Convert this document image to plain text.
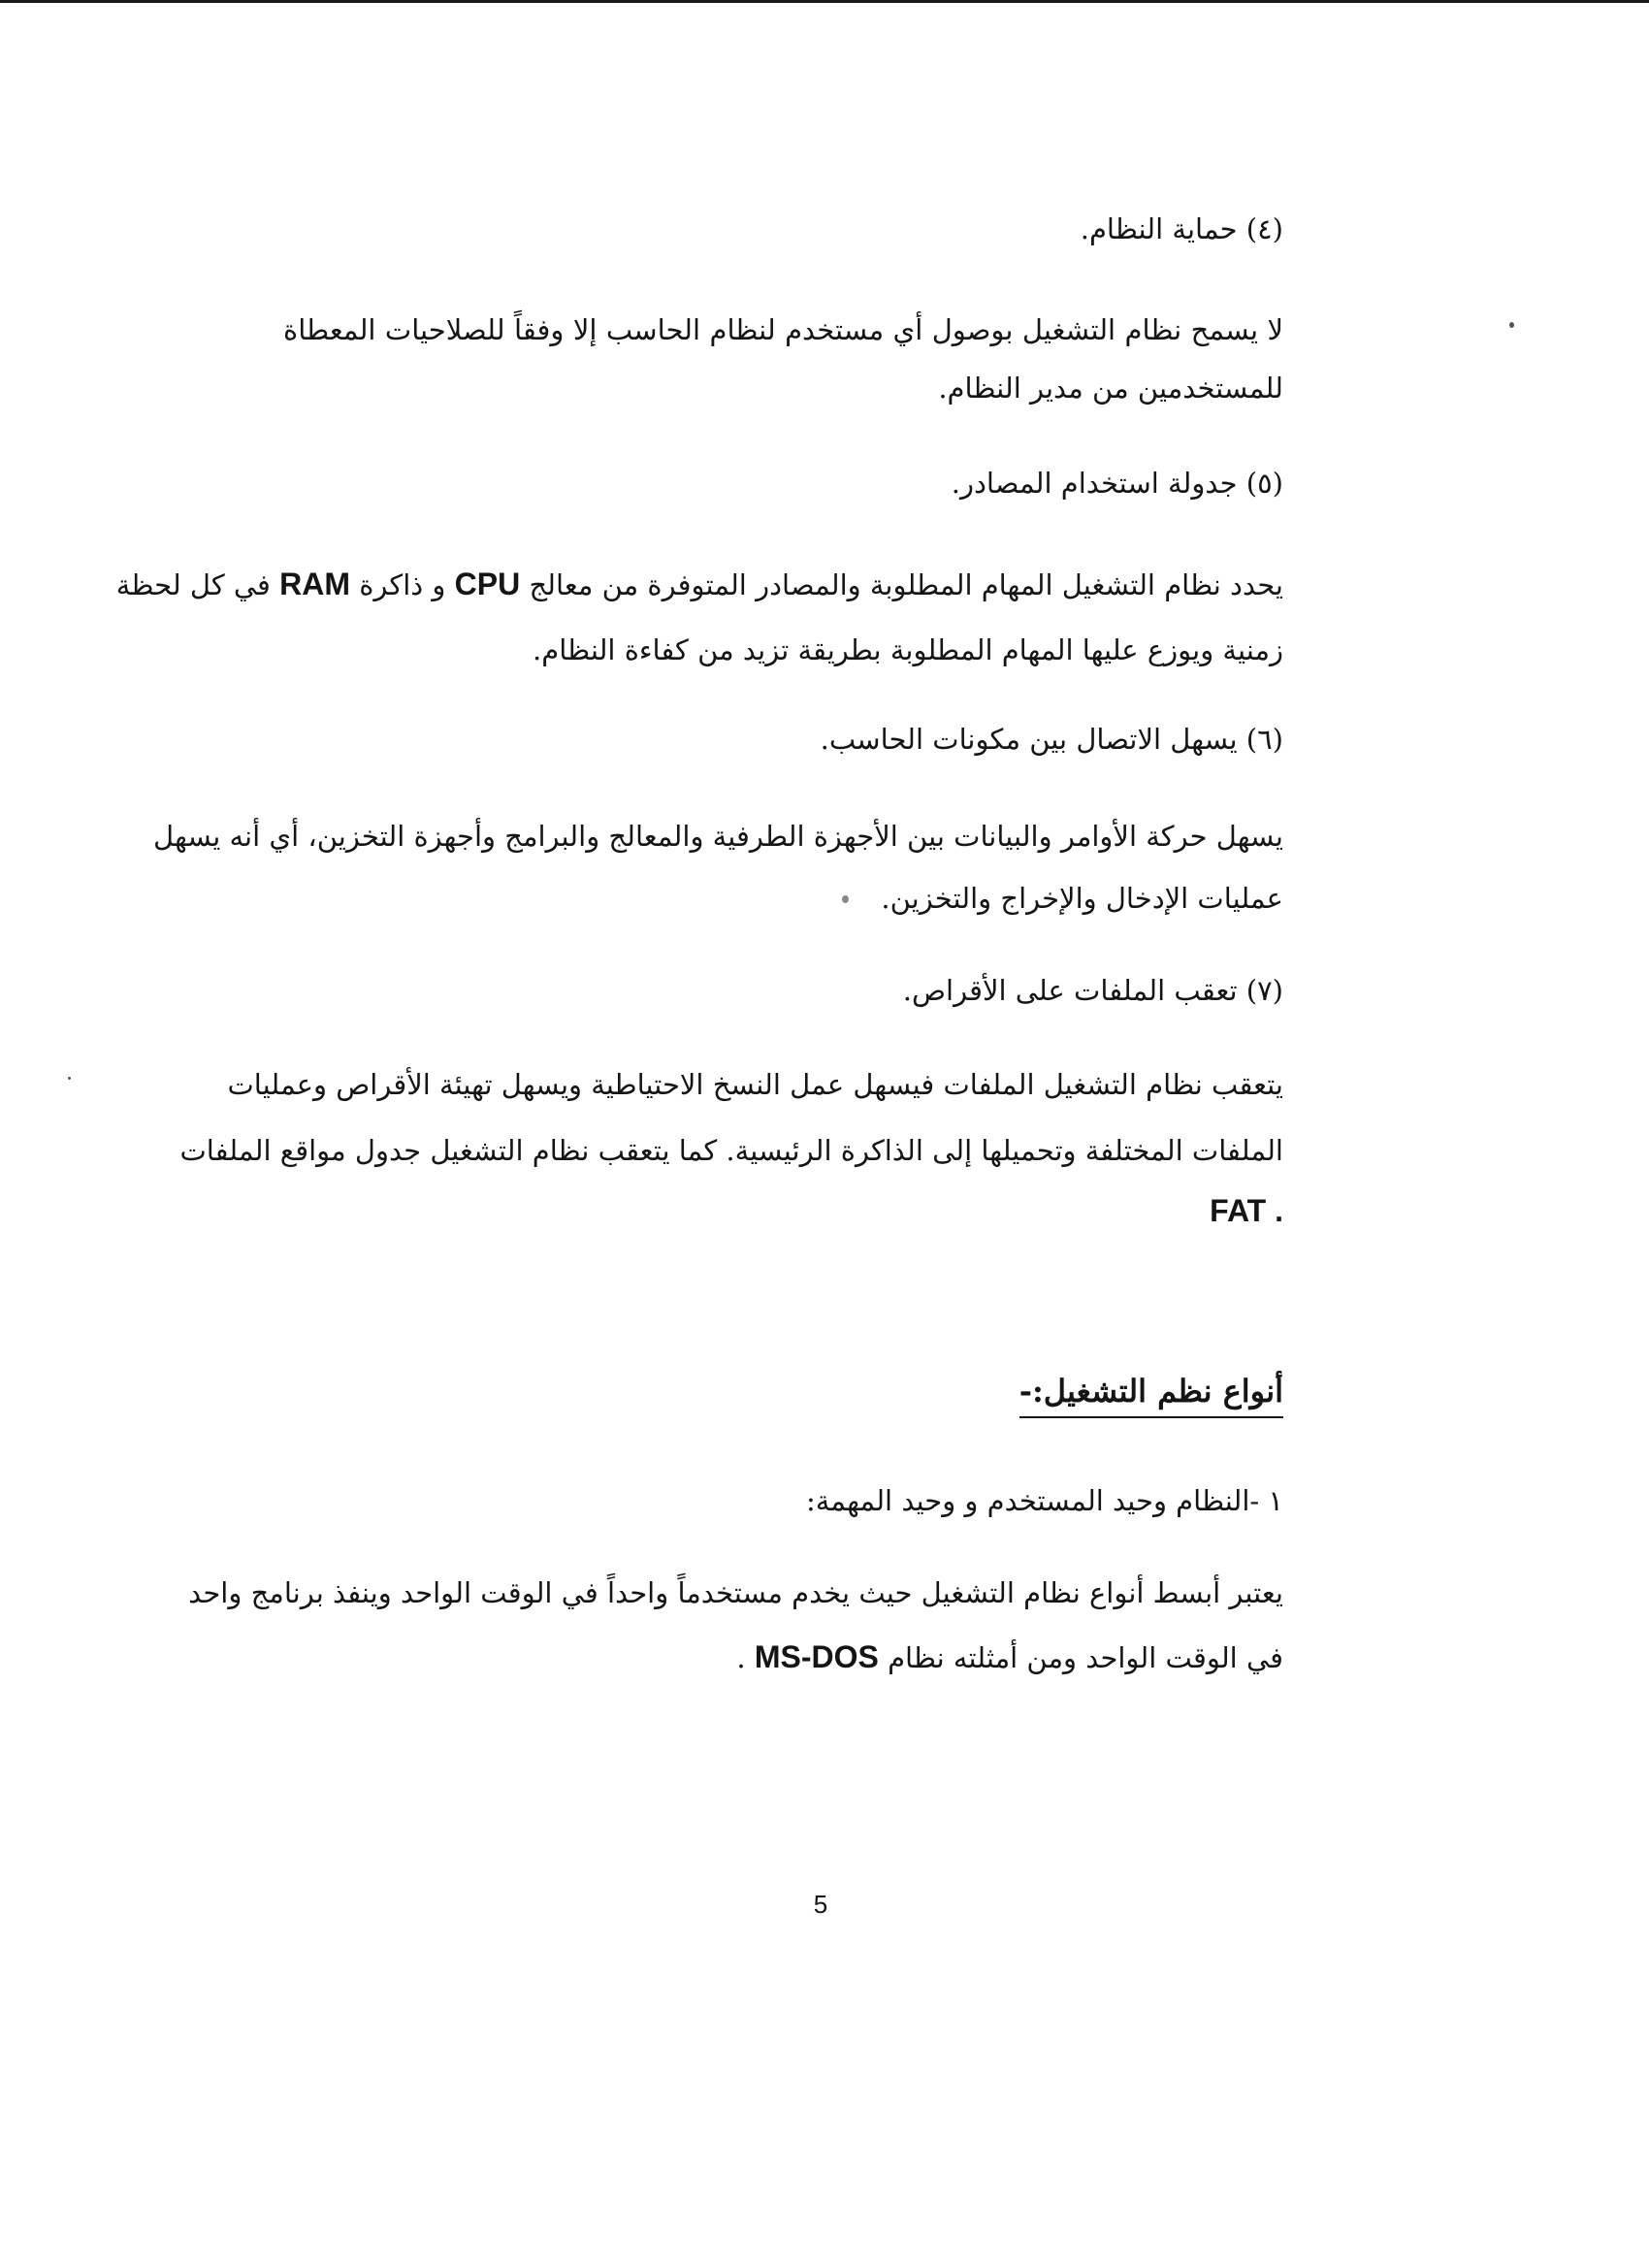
(٤) حماية النظام.
لا يسمح نظام التشغيل بوصول أي مستخدم لنظام الحاسب إلا وفقاً للصلاحيات المعطاة
للمستخدمين من مدير النظام.
(٥) جدولة استخدام المصادر.
يحدد نظام التشغيل المهام المطلوبة والمصادر المتوفرة من معالج CPU و ذاكرة RAM في كل لحظة
زمنية ويوزع عليها المهام المطلوبة بطريقة تزيد من كفاءة النظام.
(٦) يسهل الاتصال بين مكونات الحاسب.
يسهل حركة الأوامر والبيانات بين الأجهزة الطرفية والمعالج والبرامج وأجهزة التخزين، أي أنه يسهل
عمليات الإدخال والإخراج والتخزين.
(٧) تعقب الملفات على الأقراص.
يتعقب نظام التشغيل الملفات فيسهل عمل النسخ الاحتياطية ويسهل تهيئة الأقراص وعمليات
الملفات المختلفة وتحميلها إلى الذاكرة الرئيسية. كما يتعقب نظام التشغيل جدول مواقع الملفات
FAT .
أنواع نظم التشغيل:-
١ -النظام وحيد المستخدم و وحيد المهمة:
يعتبر أبسط أنواع نظام التشغيل حيث يخدم مستخدماً واحداً في الوقت الواحد وينفذ برنامج واحد
في الوقت الواحد ومن أمثلته نظام MS-DOS .
5
